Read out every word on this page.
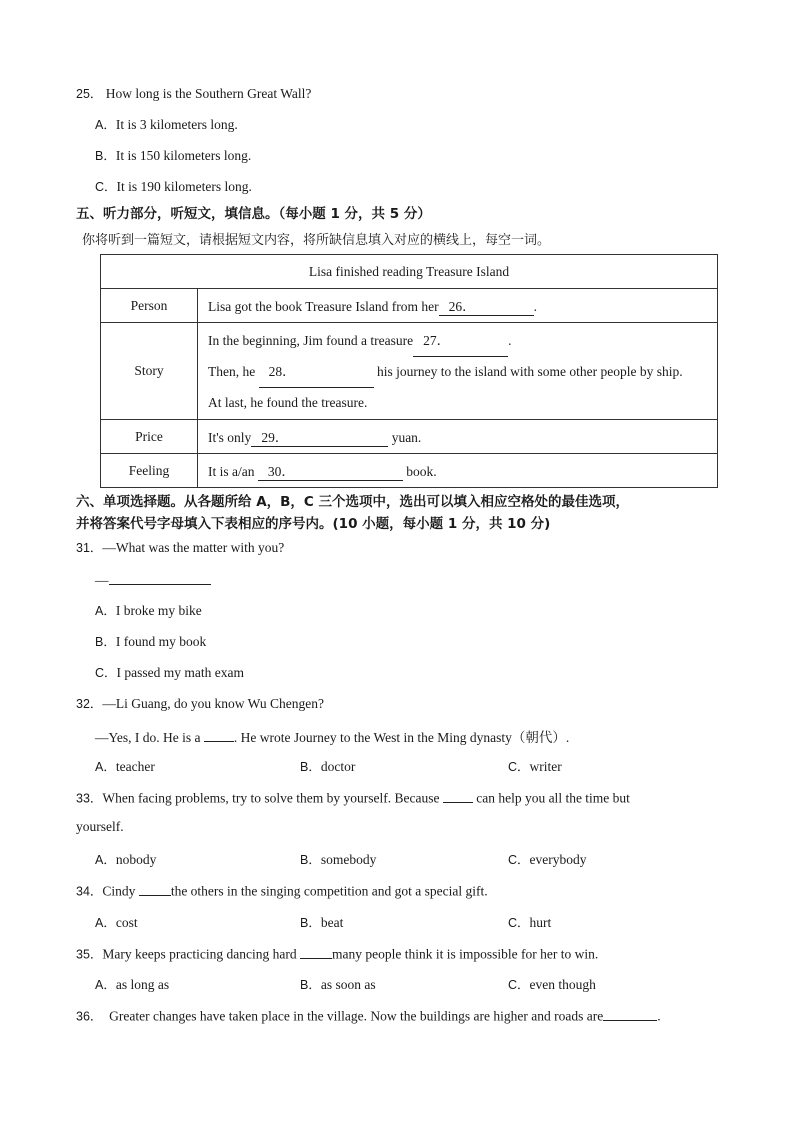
25． How long is the Southern Great Wall?
A．It is 3 kilometers long.
B．It is 150 kilometers long.
C．It is 190 kilometers long.
五、听力部分，听短文，填信息。（每小题 1 分，共 5 分）
你将听到一篇短文，请根据短文内容，将所缺信息填入对应的横线上，每空一词。
Lisa finished reading Treasure Island	
Person	Lisa got the book Treasure Island from her 26． .
Story	In the beginning, Jim found a treasure 27． .
Then, he 28． his journey to the island with some other people by ship.
At last, he found the treasure.

Price	It's only 29． yuan.
Feeling	It is a/an 30． book.
六、单项选择题。从各题所给 A，B，C 三个选项中，选出可以填入相应空格处的最佳选项，
并将答案代号字母填入下表相应的序号内。(10 小题，每小题 1 分，共 10 分)
31．—What was the matter with you?
—
A．I broke my bike
B．I found my book
C．I passed my math exam
32．—Li Guang, do you know Wu Chengen?
—Yes, I do. He is a . He wrote Journey to the West in the Ming dynasty（朝代）.
A．teacher	B．doctor	C．writer
33．When facing problems, try to solve them by yourself. Because	can help you all the time but
yourself.
A．nobody	B．somebody	C．everybody
34．Cindy	the others in the singing competition and got a special gift.
A．cost	B．beat	C．hurt
35．Mary keeps practicing dancing hard	many people think it is impossible for her to win.
A．as long as	B．as soon as	C．even though
36． Greater changes have taken place in the village. Now the buildings are higher and roads are	.
